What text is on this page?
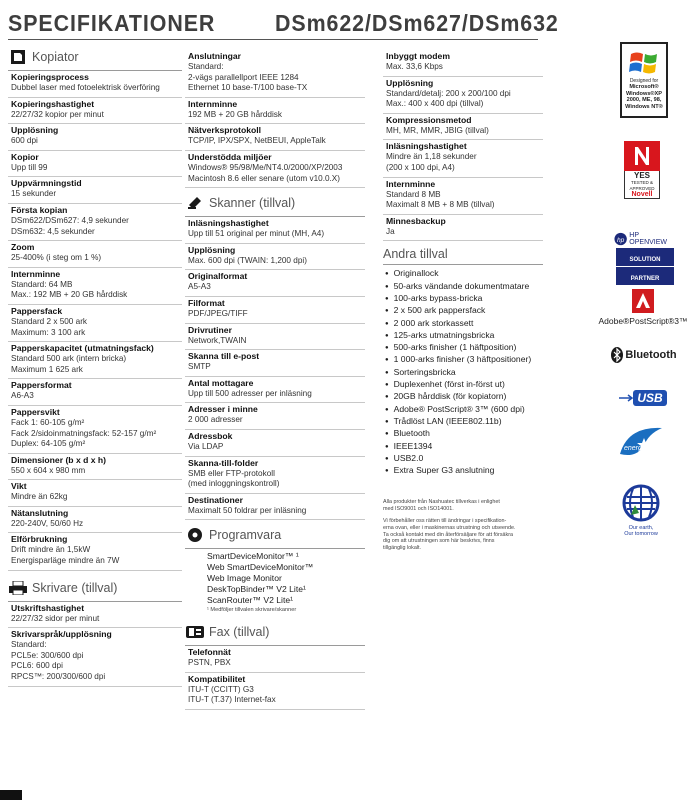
SPECIFIKATIONER	DSm622/DSm627/DSm632
Kopiator
Kopieringsprocess
Dubbel laser med fotoelektrisk överföring
Kopieringshastighet
22/27/32 kopior per minut
Upplösning
600 dpi
Kopior
Upp till 99
Uppvärmningstid
15 sekunder
Första kopian
DSm622/DSm627: 4,9 sekunder
DSm632: 4,5 sekunder
Zoom
25-400% (i steg om 1 %)
Internminne
Standard: 64 MB
Max.: 192 MB + 20 GB hårddisk
Pappersfack
Standard 2 x 500 ark
Maximum: 3 100 ark
Papperskapacitet (utmatningsfack)
Standard 500 ark (intern bricka)
Maximum 1 625 ark
Pappersformat
A6-A3
Pappersvikt
Fack 1: 60-105 g/m²
Fack 2/sidoinmatningsfack: 52-157 g/m²
Duplex: 64-105 g/m²
Dimensioner (b x d x h)
550 x 604 x 980 mm
Vikt
Mindre än 62kg
Nätanslutning
220-240V, 50/60 Hz
Elförbrukning
Drift mindre än 1,5kW
Energisparläge mindre än 7W
Skrivare (tillval)
Utskriftshastighet
22/27/32 sidor per minut
Skrivarspråk/upplösning
Standard:
PCL5e: 300/600 dpi
PCL6: 600 dpi
RPCS™: 200/300/600 dpi
Anslutningar
Standard:
2-vägs parallellport IEEE 1284
Ethernet 10 base-T/100 base-TX
Internminne
192 MB + 20 GB hårddisk
Nätverksprotokoll
TCP/IP, IPX/SPX, NetBEUI, AppleTalk
Understödda miljöer
Windows® 95/98/Me/NT4.0/2000/XP/2003
Macintosh 8.6 eller senare (utom v10.0.X)
Skanner (tillval)
Inläsningshastighet
Upp till 51 original per minut (MH, A4)
Upplösning
Max. 600 dpi (TWAIN: 1,200 dpi)
Originalformat
A5-A3
Filformat
PDF/JPEG/TIFF
Drivrutiner
Network,TWAIN
Skanna till e-post
SMTP
Antal mottagare
Upp till 500 adresser per inläsning
Adresser i minne
2 000 adresser
Adressbok
Via LDAP
Skanna-till-folder
SMB eller FTP-protokoll
(med inloggningskontroll)
Destinationer
Maximalt 50 foldrar per inläsning
Programvara
SmartDeviceMonitor™ ¹
Web SmartDeviceMonitor™
Web Image Monitor
DeskTopBinder™ V2 Lite¹
ScanRouter™ V2 Lite¹
¹ Medföljer tillvalen skrivare/skanner
Fax (tillval)
Telefonnät
PSTN, PBX
Kompatibilitet
ITU-T (CCITT) G3
ITU-T (T.37) Internet-fax
Inbyggt modem
Max. 33,6 Kbps
Upplösning
Standard/detalj: 200 x 200/100 dpi
Max.: 400 x 400 dpi (tillval)
Kompressionsmetod
MH, MR, MMR, JBIG (tillval)
Inläsningshastighet
Mindre än 1,18 sekunder
(200 x 100 dpi, A4)
Internminne
Standard 8 MB
Maximalt 8 MB + 8 MB (tillval)
Minnesbackup
Ja
Andra tillval
● Originallock
● 50-arks vändande dokumentmatare
● 100-arks bypass-bricka
● 2 x 500 ark pappersfack
● 2 000 ark storkassett
● 125-arks utmatningsbricka
● 500-arks finisher (1 häftposition)
● 1 000-arks finisher (3 häftpositioner)
● Sorteringsbricka
● Duplexenhet (först in-först ut)
● 20GB hårddisk (för kopiatorn)
● Adobe® PostScript® 3™ (600 dpi)
● Trådlöst LAN (IEEE802.11b)
● Bluetooth
● IEEE1394
● USB2.0
● Extra Super G3 anslutning

Alla produkter från Nashuatec tillverkas i enlighet
med ISO9001 och ISO14001.

Vi förbehåller oss rätten till ändringar i specifikation-
erna ovan, eller i maskinernas utrustning och utseende.
Ta också kontakt med din återförsäljare för att försäkra
dig om att utrustningen som här beskrivs, finns
tillgänglig lokalt.

Designed for
Microsoft®
Windows®XP
2000, ME, 98,
Windows NT®
YES
TESTED &
APPROVED
Novell
hp
HP OPENVIEW
SOLUTION
PARTNER
Adobe®PostScript®3™
Bluetooth
USB
energy
Our earth,
Our tomorrow
